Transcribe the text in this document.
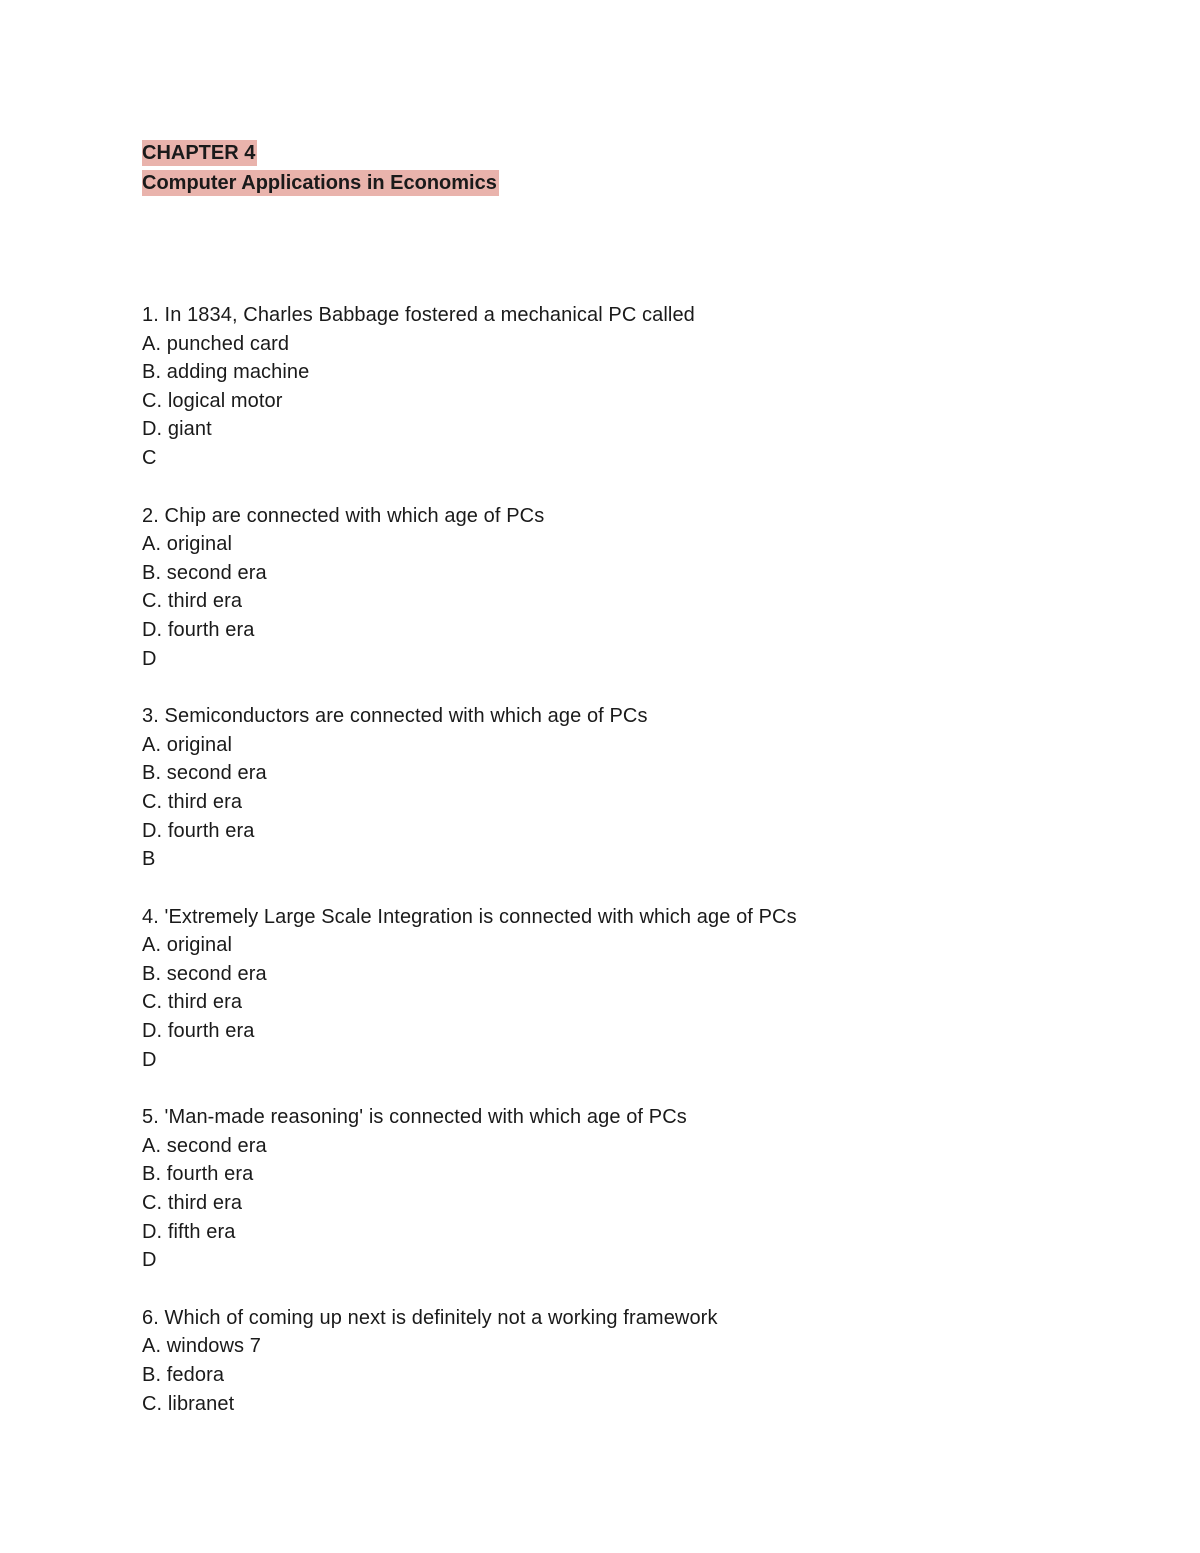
CHAPTER 4
Computer Applications in Economics
1. In 1834, Charles Babbage fostered a mechanical PC called
A. punched card
B. adding machine
C. logical motor
D. giant
C
2. Chip are connected with which age of PCs
A. original
B. second era
C. third era
D. fourth era
D
3. Semiconductors are connected with which age of PCs
A. original
B. second era
C. third era
D. fourth era
B
4. 'Extremely Large Scale Integration is connected with which age of PCs
A. original
B. second era
C. third era
D. fourth era
D
5. 'Man-made reasoning' is connected with which age of PCs
A. second era
B. fourth era
C. third era
D. fifth era
D
6. Which of coming up next is definitely not a working framework
A. windows 7
B. fedora
C. libranet
